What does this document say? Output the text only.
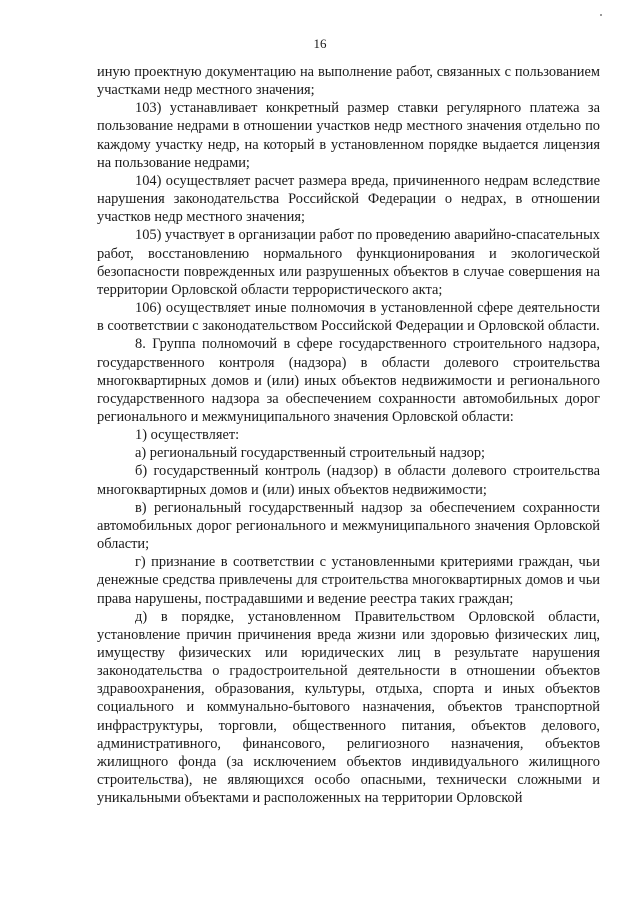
16

иную проектную документацию на выполнение работ, связанных с пользованием участками недр местного значения;

103) устанавливает конкретный размер ставки регулярного платежа за пользование недрами в отношении участков недр местного значения отдельно по каждому участку недр, на который в установленном порядке выдается лицензия на пользование недрами;

104) осуществляет расчет размера вреда, причиненного недрам вследствие нарушения законодательства Российской Федерации о недрах, в отношении участков недр местного значения;

105) участвует в организации работ по проведению аварийно-спасательных работ, восстановлению нормального функционирования и экологической безопасности поврежденных или разрушенных объектов в случае совершения на территории Орловской области террористического акта;

106) осуществляет иные полномочия в установленной сфере деятельности в соответствии с законодательством Российской Федерации и Орловской области.

8. Группа полномочий в сфере государственного строительного надзора, государственного контроля (надзора) в области долевого строительства многоквартирных домов и (или) иных объектов недвижимости и регионального государственного надзора за обеспечением сохранности автомобильных дорог регионального и межмуниципального значения Орловской области:

1) осуществляет:

а) региональный государственный строительный надзор;

б) государственный контроль (надзор) в области долевого строительства многоквартирных домов и (или) иных объектов недвижимости;

в) региональный государственный надзор за обеспечением сохранности автомобильных дорог регионального и межмуниципального значения Орловской области;

г) признание в соответствии с установленными критериями граждан, чьи денежные средства привлечены для строительства многоквартирных домов и чьи права нарушены, пострадавшими и ведение реестра таких граждан;

д) в порядке, установленном Правительством Орловской области, установление причин причинения вреда жизни или здоровью физических лиц, имуществу физических или юридических лиц в результате нарушения законодательства о градостроительной деятельности в отношении объектов здравоохранения, образования, культуры, отдыха, спорта и иных объектов социального и коммунально-бытового назначения, объектов транспортной инфраструктуры, торговли, общественного питания, объектов делового, административного, финансового, религиозного назначения, объектов жилищного фонда (за исключением объектов индивидуального жилищного строительства), не являющихся особо опасными, технически сложными и уникальными объектами и расположенных на территории Орловской
